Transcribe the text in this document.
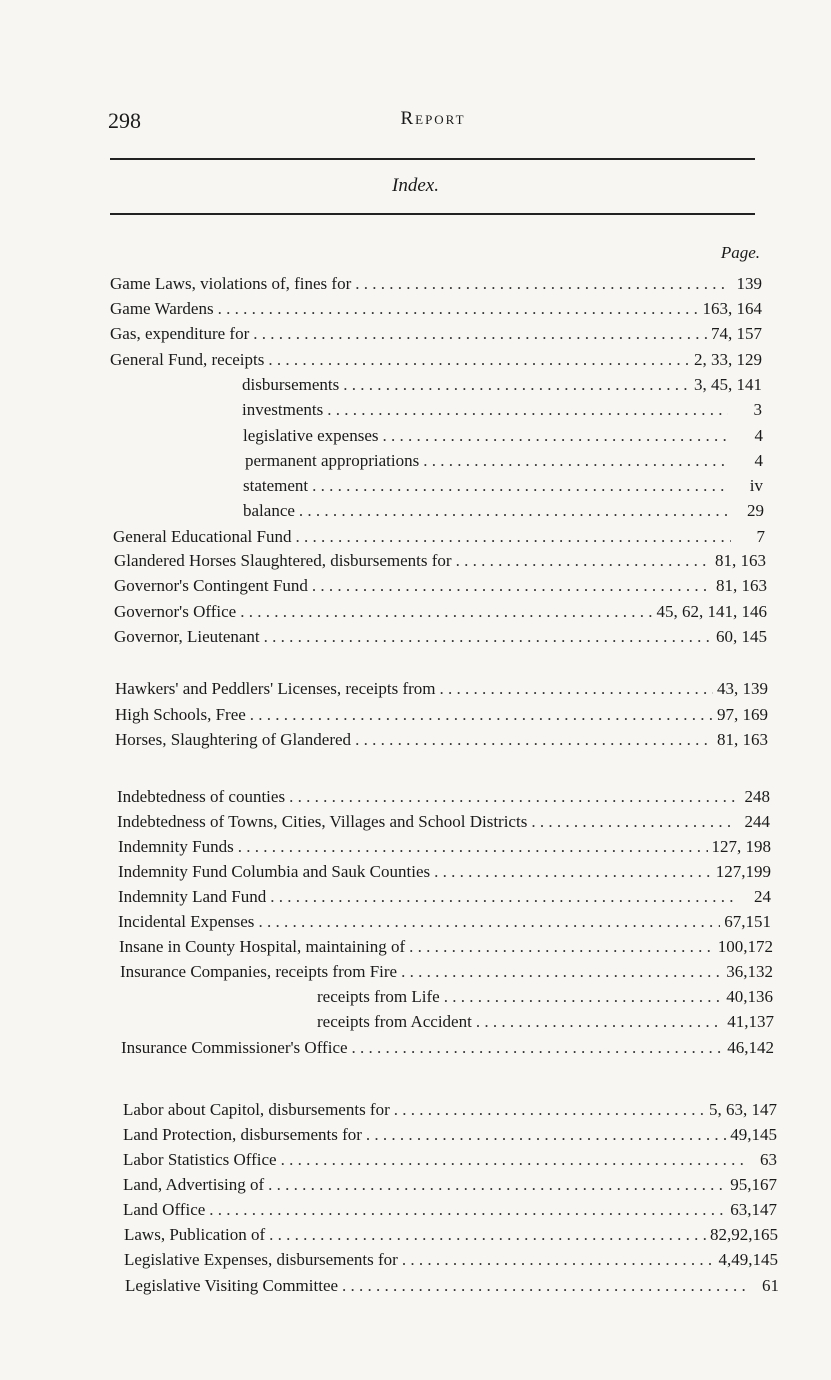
298	Report
Index.
Page.
Game Laws, violations of, fines for . . .	139
Game Wardens . . .	163, 164
Gas, expenditure for . . .	74, 157
General Fund, receipts . . .	2, 33, 129
disbursements . . .	3, 45, 141
investments . . .	3
legislative expenses . . .	4
permanent appropriations . . .	4
statement . . .	iv
balance . . .	29
General Educational Fund . . .	7
Glandered Horses Slaughtered, disbursements for . . .	81, 163
Governor's Contingent Fund . . .	81, 163
Governor's Office . . .	45, 62, 141, 146
Governor, Lieutenant . . .	60, 145
Hawkers' and Peddlers' Licenses, receipts from . . .	43, 139
High Schools, Free . . .	97, 169
Horses, Slaughtering of Glandered . . .	81, 163
Indebtedness of counties . . .	248
Indebtedness of Towns, Cities, Villages and School Districts . . .	244
Indemnity Funds . . .	127, 198
Indemnity Fund Columbia and Sauk Counties . . .	127,199
Indemnity Land Fund . . .	24
Incidental Expenses . . .	67,151
Insane in County Hospital, maintaining of . . .	100,172
Insurance Companies, receipts from Fire . . .	36,132
receipts from Life . . .	40,136
receipts from Accident . . .	41,137
Insurance Commissioner's Office . . .	46,142
Labor about Capitol, disbursements for . . .	5, 63, 147
Land Protection, disbursements for . . .	49,145
Labor Statistics Office . . .	63
Land, Advertising of . . .	95,167
Land Office . . .	63,147
Laws, Publication of . . .	82,92,165
Legislative Expenses, disbursements for . . .	4,49,145
Legislative Visiting Committee . . .	61
